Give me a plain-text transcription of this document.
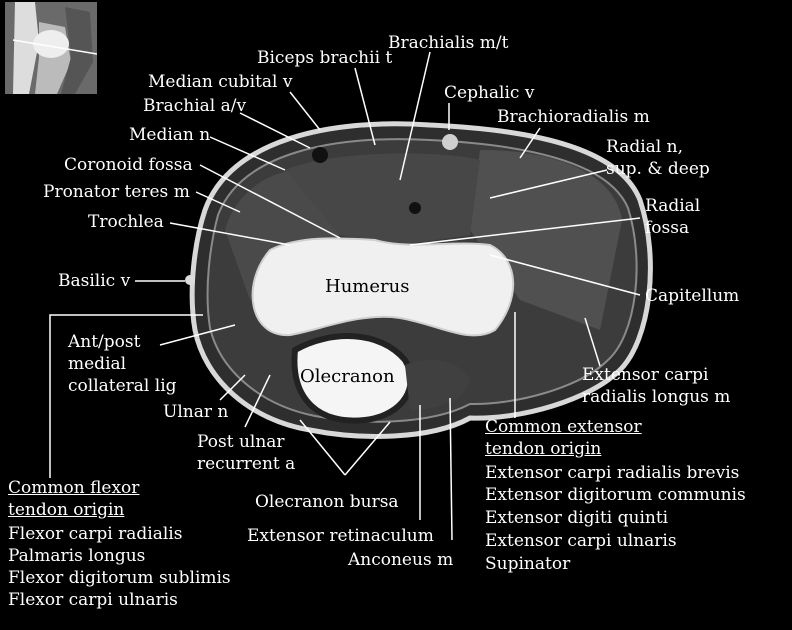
Brachialis m/t
Biceps brachii t
Median cubital v
Cephalic v
Brachial a/v
Brachioradialis m
Median n
Radial n,
sup. & deep
Coronoid fossa
Pronator teres m
Radial
fossa
Trochlea
Basilic v	Humerus	Capitellum
Ant/post
medial
collateral lig	Olecranon	Extensor carpi
radialis longus m
Ulnar n
Post ulnar
recurrent a
Olecranon bursa
Extensor retinaculum
Anconeus m
Common flexor
tendon origin
Flexor carpi radialis
Palmaris longus
Flexor digitorum sublimis
Flexor carpi ulnaris
Common extensor
tendon origin
Extensor carpi radialis brevis
Extensor digitorum communis
Extensor digiti quinti
Extensor carpi ulnaris
Supinator
